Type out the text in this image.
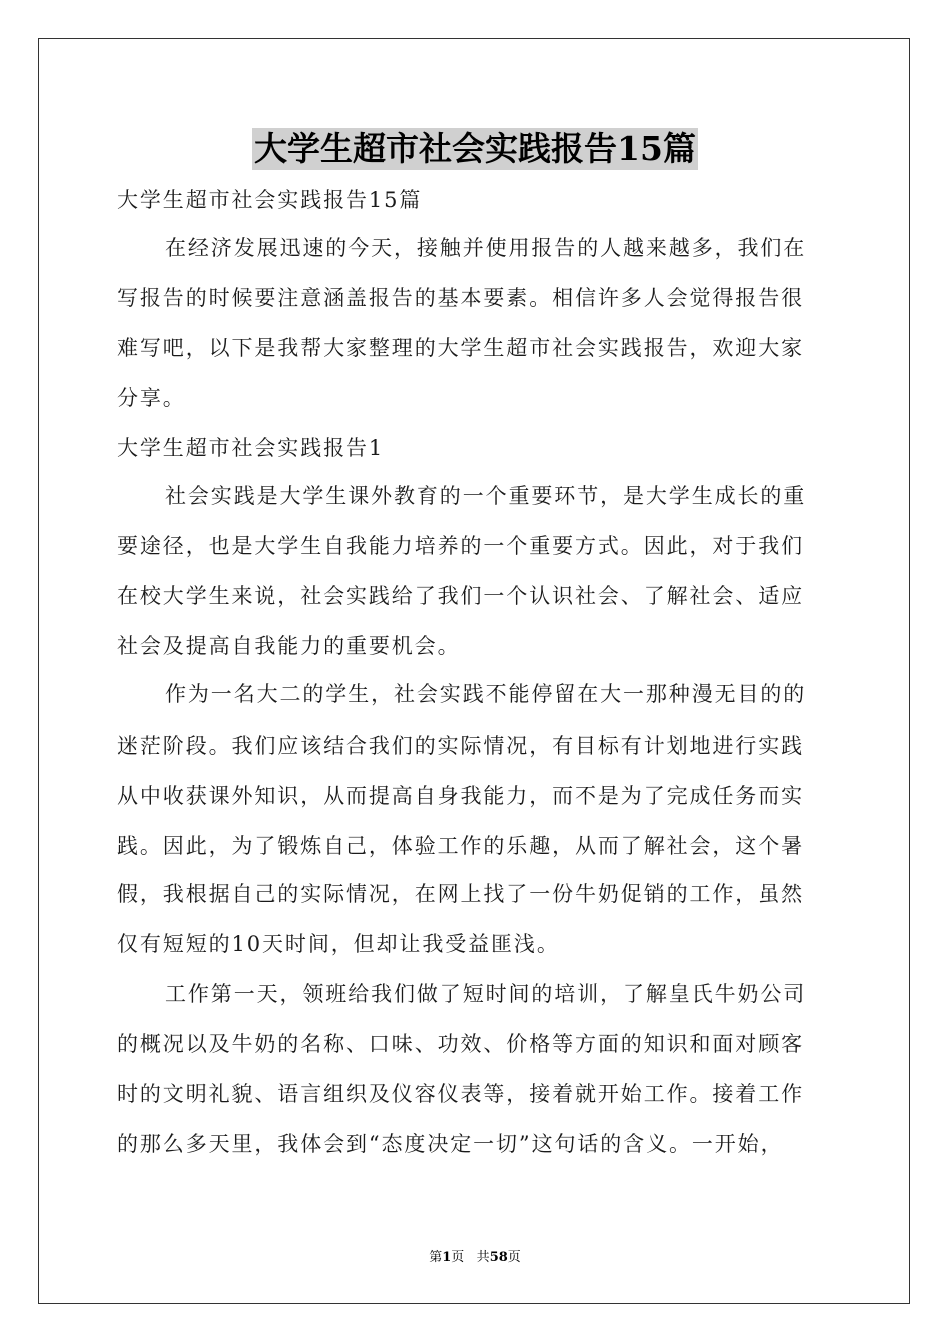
大学生超市社会实践报告15篇
大学生超市社会实践报告15篇
在经济发展迅速的今天，接触并使用报告的人越来越多，我们在
写报告的时候要注意涵盖报告的基本要素。相信许多人会觉得报告很
难写吧，以下是我帮大家整理的大学生超市社会实践报告，欢迎大家
分享。
大学生超市社会实践报告1
社会实践是大学生课外教育的一个重要环节，是大学生成长的重
要途径，也是大学生自我能力培养的一个重要方式。因此，对于我们
在校大学生来说，社会实践给了我们一个认识社会、了解社会、适应
社会及提高自我能力的重要机会。
作为一名大二的学生，社会实践不能停留在大一那种漫无目的的
迷茫阶段。我们应该结合我们的实际情况，有目标有计划地进行实践
从中收获课外知识，从而提高自身我能力，而不是为了完成任务而实
践。因此，为了锻炼自己，体验工作的乐趣，从而了解社会，这个暑
假，我根据自己的实际情况，在网上找了一份牛奶促销的工作，虽然
仅有短短的10天时间，但却让我受益匪浅。
工作第一天，领班给我们做了短时间的培训，了解皇氏牛奶公司
的概况以及牛奶的名称、口味、功效、价格等方面的知识和面对顾客
时的文明礼貌、语言组织及仪容仪表等，接着就开始工作。接着工作
的那么多天里，我体会到“态度决定一切”这句话的含义。一开始，
第1页 共58页
